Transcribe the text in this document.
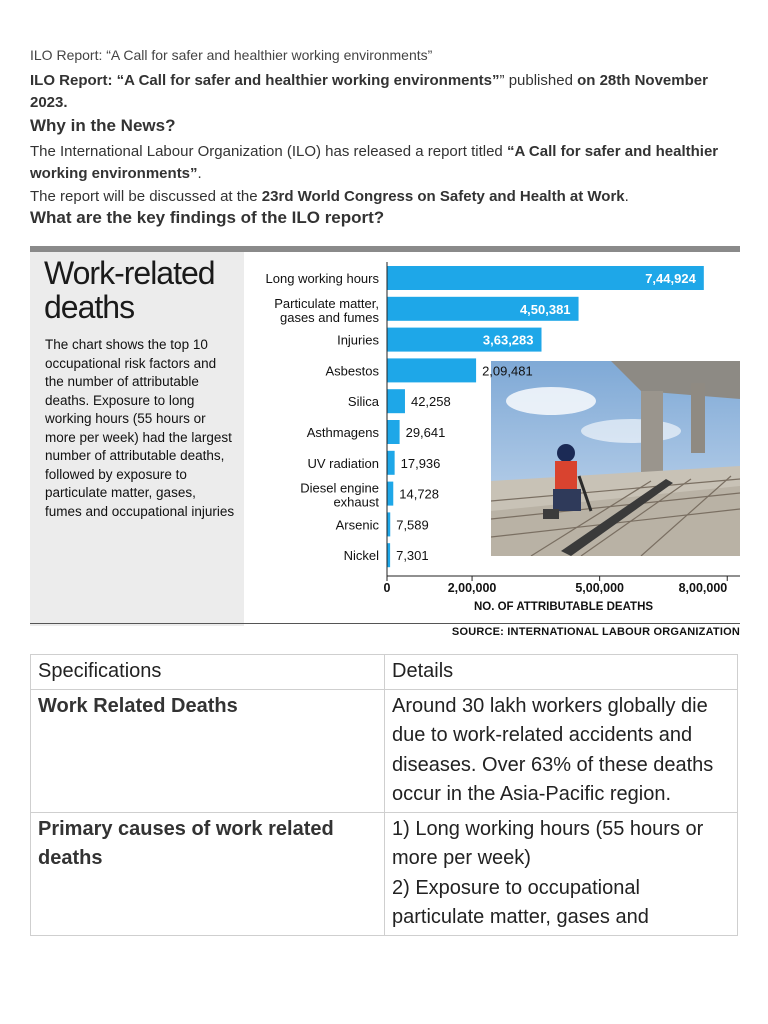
ILO Report: “A Call for safer and healthier working environments”
ILO Report: “A Call for safer and healthier working environments”” published on 28th November 2023.
Why in the News?
The International Labour Organization (ILO) has released a report titled “A Call for safer and healthier working environments”.
The report will be discussed at the 23rd World Congress on Safety and Health at Work.
What are the key findings of the ILO report?
Work-related deaths
The chart shows the top 10 occupational risk factors and the number of attributable deaths. Exposure to long working hours (55 hours or more per week) had the largest number of attributable deaths, followed by exposure to particulate matter, gases, fumes and occupational injuries
Long working hours	7,44,924
Particulate matter,
gases and fumes
4,50,381
Injuries	3,63,283
Asbestos	2,09,481
Silica 42,258
Asthmagens 29,641
UV radiation 17,936
Diesel engine
exhaust
14,728
Arsenic 7,589
Nickel 7,301
0	2,00,000	5,00,000	8,00,000
NO. OF ATTRIBUTABLE DEATHS
SOURCE: INTERNATIONAL LABOUR ORGANIZATION
Specifications	Details
Work Related Deaths	Around 30 lakh workers globally die due to work-related accidents and diseases. Over 63% of these deaths occur in the Asia-Pacific region.
Primary causes of work related deaths	1) Long working hours (55 hours or more per week)
2) Exposure to occupational particulate matter, gases and
